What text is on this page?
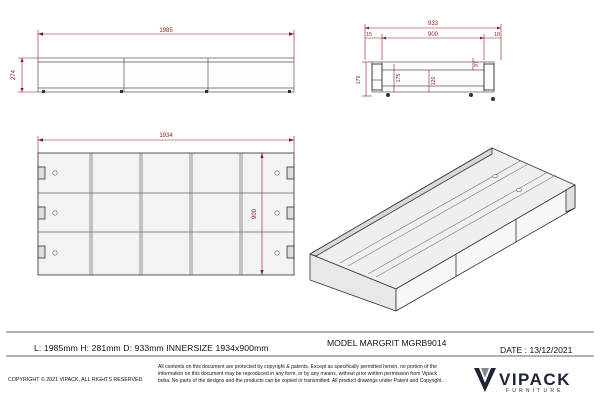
1985
274
933
15	900	18
179	175	120
97
1934
900
L: 1985mm H: 281mm D: 933mm INNERSIZE 1934x900mm	MODEL MARGRIT MGRB9014
DATE : 13/12/2021
COPYRIGHT © 2021 VIPACK, ALL RIGHTS RESERVED
All contents on this document are protected by copyright & patents. Except as specifically permitted herein, no portion of the information on this document may be reproduced in any form, or by any means, without prior written permission from Vipack bvba. No parts of the designs and the products can be copied or transmitted. All product drawings under Patent and Copyright.	VIPACK
FURNITURE
